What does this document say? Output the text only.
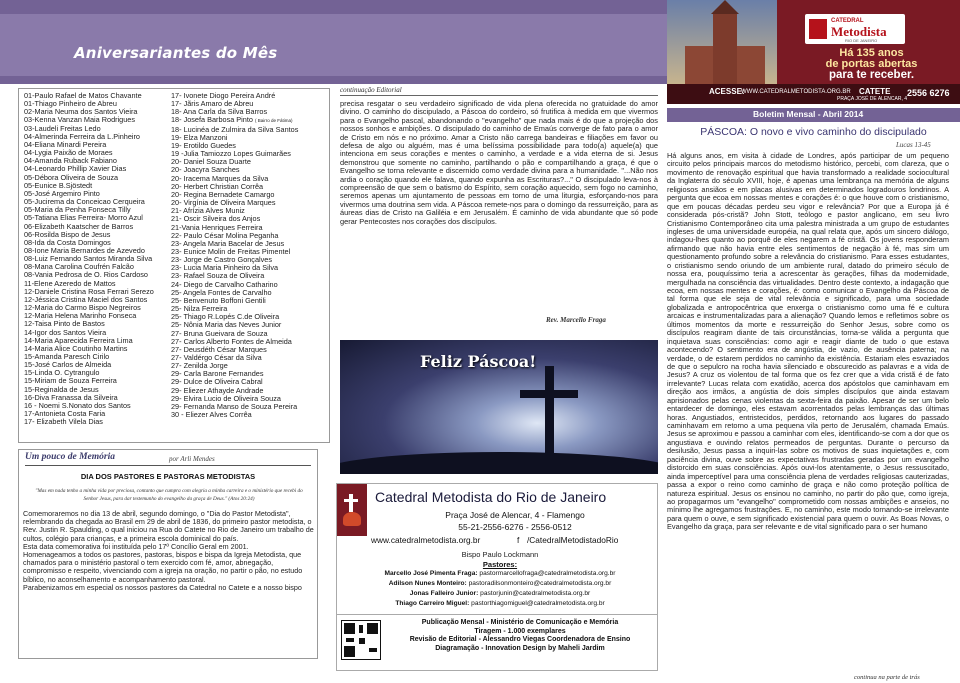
Aniversariantes do Mês
CATEDRAL
Metodista
RIO DE JANEIRO
Há 135 anos
de portas abertas
para te receber.
ACESSE:
WWW.CATEDRALMETODISTA.ORG.BR CATETE
PRAÇA JOSÉ DE ALENCAR, 4
2556 6276
Boletim Mensal - Abril 2014
01-Paulo Rafael de Matos Chavante
01-Thiago Pinheiro de Abreu
02-Maria Neuma dos Santos Vieira
03-Kenna Vanzan Maia Rodrigues
03-Laudeli Freitas Ledo
04-Almerinda Ferreira da L.Pinheiro
04-Eliana Minardi Pereira
04-Lygia Paixão de Moraes
04-Amanda Ruback Fabiano
04-Leonardo Phillip Xavier Dias
05-Débora Oliveira de Souza
05-Eunice B.Sjöstedt
05-José Argemiro Pinto
05-Jucirema da Conceicao Cerqueira
05-Maria da Penha Fonseca Tilly
05-Tatiana Elias Ferreira- Morro Azul
06-Elizabeth Kaatscher de Barros
06-Rosilda Bispo de Jesus
08-Ida da Costa Domingos
08-Ione Maria Bernardes de Azevedo
08-Luiz Fernando Santos Miranda Silva
08-Mana Carolina Coufrén Falcão
08-Vania Pedrosa de O. Rios Cardoso
11-Elene Azeredo de Mattos
12-Daniele Cristina Rosa Ferrari Serezo
12-Jéssica Cristina Maciel dos Santos
12-Maria do Carmo Bispo Negreiros
12-Maria Helena Marinho Fonseca
12-Taisa Pinto de Bastos
14-Igor dos Santos Vieira
14-Maria Aparecida Ferreira Lima
14-Maria Alice Coutinho Martins
15-Amanda Paresch Cirilo
15-José Carlos de Almeida
15-Linda O. Cytrangulo
15-Miriam de Souza Ferreira
15-Reginalda de Jesus
16-Diva Franassa da Silveira
16 - Noemi S.Nonato dos Santos
17-Antonieta Costa Faria
17- Elizabeth Vilela Dias
17- Ivonete Diogo Pereira André
17- Jãris Amaro de Abreu
18- Ana Carla da Silva Barros
18- Josefa Barbosa Pinto ( Bairro de Fátima)
18- Lucinéa de Zulmira da Silva Santos
19- Elza Manzoni
19- Erotildo Guedes
19 -Julia Tamiozzo Lopes Guimarães
20- Daniel Souza Duarte
20- Joacyra Sanches
20- Iracema Marques da Silva
20- Herbert Christian Corrêa
20- Regina Bernadete Camargo
20- Virgínia de Oliveira Marques
21- Afrízia Alves Muniz
21- Oscir Silveira dos Anjos
21-Vania Henriques Ferreira
22- Paulo César Molina Peganha
23- Angela Maria Bacelar de Jesus
23- Eunice Molin de Freitas Pimentel
23- Jorge de Castro Gonçalves
23- Lucia Maria Pinheiro da Silva
23- Rafael Souza de Oliveira
24- Diego de Carvalho Catharino
25- Angela Fontes de Carvalho
25- Benvenuto Boffoni Gentili
25- Nilza Ferreira
25- Thiago R.Lopés C.de Oliveira
25- Nônia Maria das Neves Junior
27- Bruna Gueivara de Souza
27- Carlos Alberto Fontes de Almeida
27- Deusdéth César Marques
27- Valdérgo César da Silva
27- Zenilda Jorge
29- Carla Barone Fernandes
29- Dulce de Oliveira Cabral
29- Eliezer Athayde Andrade
29- Elvira Lucio de Oliveira Souza
29- Fernanda Manso de Souza Pereira
30 - Eliezer Alves Corrêa
Um pouco de Memória	por Arli Mendes
DIA DOS PASTORES E PASTORAS METODISTAS
"Mas em nada tenho a minha vida por preciosa, contanto que cumpra com alegria a minha carreira e o ministério que recebi do Senhor Jesus, para dar testemunho do evangelho da graça de Deus." (Atos 20:24)

Comemoraremos no dia 13 de abril, segundo domingo, o "Dia do Pastor Metodista", relembrando da chegada ao Brasil em 29 de abril de 1836, do primeiro pastor metodista, o Rev. Justin R. Spaulding, o qual iniciou na Rua do Catete no Rio de Janeiro um trabalho de cultos, colégio para crianças, e a primeira escola dominical do país.

Esta data comemorativa foi instituída pelo 17º Concílio Geral em 2001.

Homenageamos a todos os pastores, pastoras, bispos e bispa da Igreja Metodista, que chamados para o ministério pastoral o tem exercido com fé, amor, abnegação, compromisso e respeito, vivenciando com a igreja na oração, no partir o pão, no estudo bíblico, no aconselhamento e acompanhamento pastoral.

Parabenizamos em especial os nossos pastores da Catedral no Catete e a nosso bispo

continuação Editorial
precisa resgatar o seu verdadeiro significado de vida plena oferecida no gratuidade do amor divino. O caminho do discipulado, a Páscoa do cordeiro, só frutifica à medida em que vivermos para o Evangelho pascal, abandonando o "evangelho" que nada mais é do que a projeção dos nossos sonhos e ambições. O discipulado do caminho de Emaús converge de fato para o amor de Cristo em nós e no próximo. Amar a Cristo não carrega bandeiras e filiações em favor ou defesa de algo ou alguém, mas é uma belíssima possibilidade para todo(a) aquele(a) que intenciona em seus corações e mentes o caminho, a verdade e a vida eterna de si. Jesus demonstrou que somente no caminho, partilhando o pão e compartilhando a graça, é que o Evangelho se torna relevante e discernido como verdade divina para a humanidade. "...Não nos ardia o coração quando ele falava, quando expunha as Escrituras?..." O discipulado leva-nos à compreensão de que sem o batismo do Espírito, sem coração aquecido, sem fogo no caminho, seremos apenas um ajuntamento de pessoas em torno de uma liturgia, esforçando-nos para vivermos uma doutrina sem vida. A Páscoa remete-nos para o domingo da ressurreição, para as áureas dias de Cristo na Galiléia e em Jerusalém. É caminho de vida abundante que só pode gerar Pentecostes nos corações dos discípulos.
Rev. Marcello Fraga
Feliz Páscoa!
Catedral Metodista do Rio de Janeiro
Praça José de Alencar, 4 - Flamengo
55-21-2556-6276 - 2556-0512
www.catedralmetodista.org.br	f /CatedralMetodistadoRio
Bispo Paulo Lockmann
Pastores:
Marcello José Pimenta Fraga: pastormarcellofraga@catedralmetodista.org.br
Adilson Nunes Monteiro: pastoradilsonmonteiro@catedralmetodista.org.br
Jonas Falleiro Junior: pastorjunin@catedralmetodista.org.br
Thiago Carreiro Miguel: pastorthiagomiguel@catedralmetodista.org.br
Publicação Mensal - Ministério de Comunicação e Memória
Tiragem - 1.000 exemplares
Revisão de Editorial - Alessandro Viegas Coordenadora de Ensino
Diagramação - Innovation Design by Maheli Jardim
PÁSCOA: O novo e vivo caminho do discipulado
Lucas 13-45
Há alguns anos, em visita à cidade de Londres, após participar de um pequeno circuito pelos principais marcos do metodismo histórico, percebi, com clareza, que o movimento de renovação espiritual que havia transformado a realidade sociocultural da Inglaterra do século XVIII, hoje, é apenas uma lembrança na memória de alguns religiosos ansiãos e em placas alusivas em determinados logradouros londrinos. A pergunta que ecoa em nossas mentes e corações é: o que houve com o cristianismo, que em poucas décadas perdeu seu vigor e relevância? Por que a Europa já é considerada pós-cristã? John Stott, teólogo e pastor anglicano, em seu livro Cristianismo Contemporâneo cita uma palestra ministrada a um grupo de estudantes ingleses de uma universidade européia, na qual relata que, após um sincero diálogo, indagou-lhes quanto ao porquê de eles negarem a fé cristã. Os jovens responderam afirmando que não havia entre eles sentimentos de negação à fé, mas sim um questionamento profundo sobre a relevância do cristianismo. Para esses estudantes, o cristianismo sendo oriundo de um ambiente rural, datado do primeiro século de nossa era, pouquíssimo teria a acrescentar às gerações, filhas da modernidade, mergulhada na consciência das virtualidades. Dentro deste contexto, a indagação que ecoa, em nossas mentes e corações, é: como comunicar o Evangelho da Páscoa de tal forma que ele seja de vital relevância e significado, para uma sociedade globalizada e antropocêntrica que enxerga o cristianismo como uma fé e cultura arcaicas e instrumentalizadas para a alienação? Quando lemos e refletimos sobre os últimos momentos da morte e ressurreição do Senhor Jesus, sobre como os discípulos reagiram diante de tais circunstâncias, torna-se válida a pergunta que inquietava suas consciências: como agir e reagir diante de tudo o que estava acontecendo? O sentimento era de angústia, de vazio, de ausência paterna; na verdade, o de estarem perdidos no caminho da existência. Estariam eles esvaziados de que o sepulcro na rocha havia silenciado e obscurecido as palavras e a vida de Jesus? A cruz os violentou de tal forma que os fez crer que a vida cristã é de fato irrelevante? Lucas relata com exatidão, acerca dos apóstolos que caminhavam em direção aos irmãos, a angústia de dois simples discípulos que ainda estavam aprisionados pelas cenas violentas da sexta-feira da paixão. Apesar de ser um belo entardecer de domingo, eles estavam acorrentados pelas lembranças das últimas horas. Angustiados, entristecidos, perdidos, retornando aos lugares do passado caminhavam em retorno a uma pequena vila perto de Jerusalém, chamada Emaús. Jesus se aproximou e passou a caminhar com eles, identificando-se com a dor que os angustiava e ouvindo relatos permeados de perguntas. Durante o percurso da desilusão, Jesus passa a inquiri-las sobre os motivos de suas inquietações e, com paciência divina, ouve sobre as expectativas frustradas geradas por um evangelho distorcido em suas consciências. Após ouvi-los atentamente, o Jesus ressuscitado, ainda imperceptível para uma consciência plena de verdades religiosas cauterizadas, passa a expor o reino como caminho de graça e não como proteção política de natureza espiritual. Jesus os ensinou no caminho, no partir do pão que, como igreja, ao propagarmos um "evangelho" comprometido com nossas ambições e anseios, no mínimo lhe agregamos frustrações. E, no caminho, este modo tornando-se irrelevante para quem o ouve, e sem significado existencial para quem o ouvir. As Boas Novas, o Evangelho da graça, para ser relevante e de vital significado para o ser humano
continua na parte de trás
